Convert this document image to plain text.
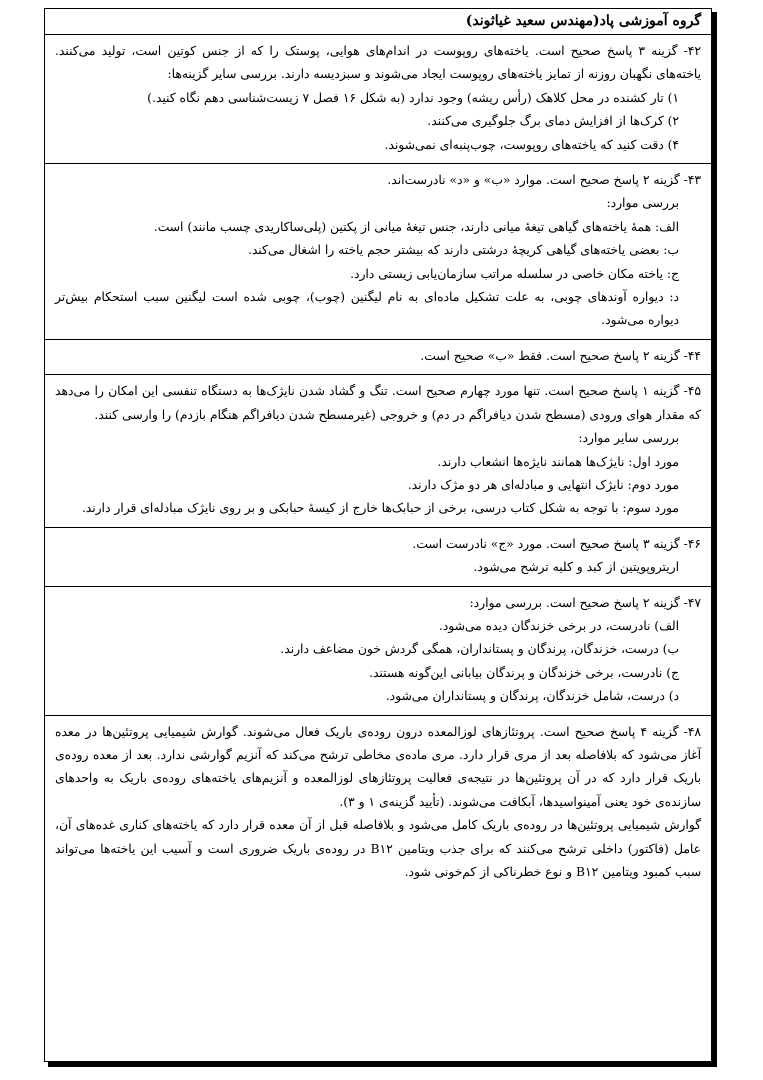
گروه آموزشی پاد(مهندس سعید غیاثوند)

۴۲- گزینه ۳ پاسخ صحیح است. یاخته‌های روپوست در اندام‌های هوایی، پوستک را که از جنس کوتین است، تولید می‌کنند. یاخته‌های نگهبان روزنه از تمایز یاخته‌های روپوست ایجاد می‌شوند و سبزدیسه دارند. بررسی سایر گزینه‌ها:

۱) تار کشنده در محل کلاهک (رأس ریشه) وجود ندارد (به شکل ۱۶ فصل ۷ زیست‌شناسی دهم نگاه کنید.)

۲) کرک‌ها از افزایش دمای برگ جلوگیری می‌کنند.

۴) دقت کنید که یاخته‌های روپوست، چوب‌پنبه‌ای نمی‌شوند.

۴۳- گزینه ۲ پاسخ صحیح است. موارد «ب» و «د» نادرست‌اند.

بررسی موارد:

الف: همهٔ یاخته‌های گیاهی تیغهٔ میانی دارند، جنس تیغهٔ میانی از پکتین (پلی‌ساکاریدی چسب مانند) است.

ب: بعضی یاخته‌های گیاهی کریچهٔ درشتی دارند که بیشتر حجم یاخته را اشغال می‌کند.

ج: یاخته مکان خاصی در سلسله مراتب سازمان‌یابی زیستی دارد.

د: دیواره آوندهای چوبی، به علت تشکیل ماده‌ای به نام لیگنین (چوب)، چوبی شده است لیگنین سبب استحکام بیش‌تر دیواره می‌شود.

۴۴- گزینه ۲ پاسخ صحیح است. فقط «ب» صحیح است.

۴۵- گزینه ۱ پاسخ صحیح است. تنها مورد چهارم صحیح است. تنگ و گشاد شدن نایژک‌ها به دستگاه تنفسی این امکان را می‌دهد که مقدار هوای ورودی (مسطح شدن دیافراگم در دم) و خروجی (غیرمسطح شدن دیافراگم هنگام بازدم) را وارسی کنند.

بررسی سایر موارد:

مورد اول: نایژک‌ها همانند نایژه‌ها انشعاب دارند.

مورد دوم: نایژک انتهایی و مبادله‌ای هر دو مژک دارند.

مورد سوم: با توجه به شکل کتاب درسی، برخی از حبابک‌ها خارج از کیسهٔ حبابکی و بر روی نایژک مبادله‌ای قرار دارند.

۴۶- گزینه ۳ پاسخ صحیح است. مورد «ج» نادرست است.

اریتروپویتین از کبد و کلیه ترشح می‌شود.

۴۷- گزینه ۲ پاسخ صحیح است. بررسی موارد:

الف) نادرست، در برخی خزندگان دیده می‌شود.

ب) درست، خزندگان، پرندگان و پستانداران، همگی گردش خون مضاعف دارند.

ج) نادرست، برخی خزندگان و پرندگان بیابانی این‌گونه هستند.

د) درست، شامل خزندگان، پرندگان و پستانداران می‌شود.

۴۸- گزینه ۴ پاسخ صحیح است. پروتئازهای لوزالمعده درون روده‌ی باریک فعال می‌شوند. گوارش شیمیایی پروتئین‌ها در معده آغاز می‌شود که بلافاصله بعد از مری قرار دارد. مری ماده‌ی مخاطی ترشح می‌کند که آنزیم گوارشی ندارد. بعد از معده روده‌ی باریک قرار دارد که در آن پروتئین‌ها در نتیجه‌ی فعالیت پروتئازهای لوزالمعده و آنزیم‌های یاخته‌های روده‌ی باریک به واحدهای سازنده‌ی خود یعنی آمینواسیدها، آبکافت می‌شوند. (تأیید گزینه‌ی ۱ و ۳).

گوارش شیمیایی پروتئین‌ها در روده‌ی باریک کامل می‌شود و بلافاصله قبل از آن معده قرار دارد که یاخته‌های کناری غده‌های آن، عامل (فاکتور) داخلی ترشح می‌کنند که برای جذب ویتامین B۱۲ در روده‌ی باریک ضروری است و آسیب این یاخته‌ها می‌تواند سبب کمبود ویتامین B۱۲ و نوع خطرناکی از کم‌خونی شود.
